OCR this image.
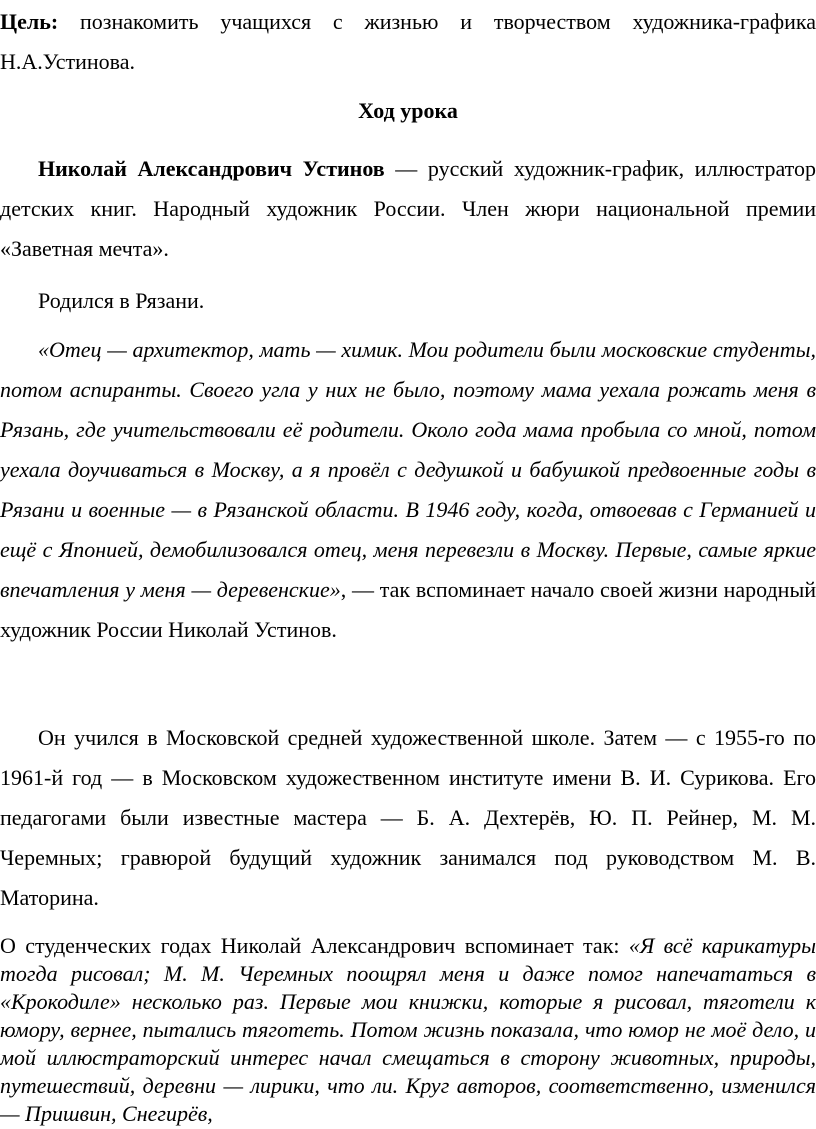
Цель: познакомить учащихся с жизнью и творчеством художника-графика Н.А.Устинова.

Ход урока

Николай Александрович Устинов — русский художник-график, иллюстратор детских книг. Народный художник России. Член жюри национальной премии «Заветная мечта».

Родился в Рязани.

«Отец — архитектор, мать — химик. Мои родители были московские студенты, потом аспиранты. Своего угла у них не было, поэтому мама уехала рожать меня в Рязань, где учительствовали её родители. Около года мама пробыла со мной, потом уехала доучиваться в Москву, а я провёл с дедушкой и бабушкой предвоенные годы в Рязани и военные — в Рязанской области. В 1946 году, когда, отвоевав с Германией и ещё с Японией, демобилизовался отец, меня перевезли в Москву. Первые, самые яркие впечатления у меня — деревенские», — так вспоминает начало своей жизни народный художник России Николай Устинов.

Он учился в Московской средней художественной школе. Затем — с 1955-го по 1961-й год — в Московском художественном институте имени В. И. Сурикова. Его педагогами были известные мастера — Б. А. Дехтерёв, Ю. П. Рейнер, М. М. Черемных; гравюрой будущий художник занимался под руководством М. В. Маторина.

О студенческих годах Николай Александрович вспоминает так: «Я всё карикатуры тогда рисовал; М. М. Черемных поощрял меня и даже помог напечататься в «Крокодиле» несколько раз. Первые мои книжки, которые я рисовал, тяготели к юмору, вернее, пытались тяготеть. Потом жизнь показала, что юмор не моё дело, и мой иллюстраторский интерес начал смещаться в сторону животных, природы, путешествий, деревни — лирики, что ли. Круг авторов, соответственно, изменился — Пришвин, Снегирёв,
